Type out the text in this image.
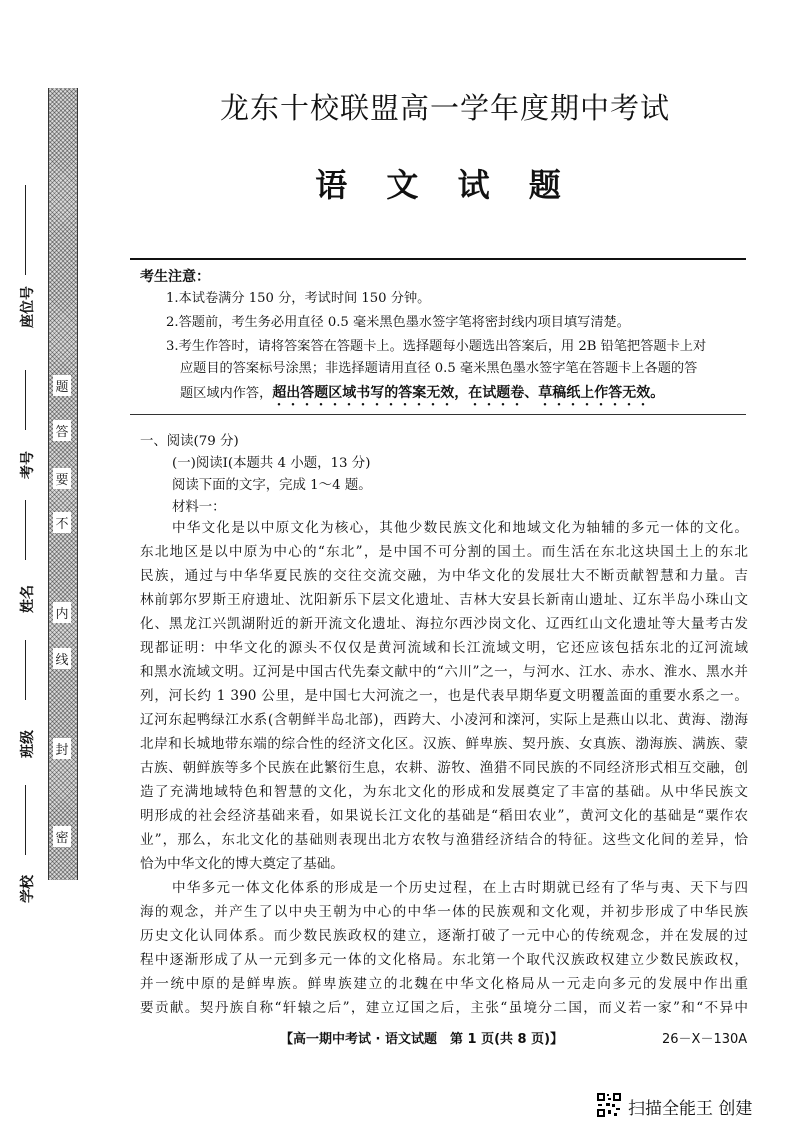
题
答
要
不
内
线
封
密
座位号
考号
姓名
班级
学校
龙东十校联盟高一学年度期中考试
语 文 试 题
考生注意：
1.本试卷满分 150 分，考试时间 150 分钟。
2.答题前，考生务必用直径 0.5 毫米黑色墨水签字笔将密封线内项目填写清楚。
3.考生作答时，请将答案答在答题卡上。选择题每小题选出答案后，用 2B 铅笔把答题卡上对
应题目的答案标号涂黑；非选择题请用直径 0.5 毫米黑色墨水签字笔在答题卡上各题的答
题区域内作答，超出答题区域书写的答案无效，在试题卷、草稿纸上作答无效。
一、阅读(79 分)
(一)阅读Ⅰ(本题共 4 小题，13 分)
阅读下面的文字，完成 1～4 题。
材料一：
中华文化是以中原文化为核心，其他少数民族文化和地域文化为轴辅的多元一体的文化。
东北地区是以中原为中心的“东北”，是中国不可分割的国土。而生活在东北这块国土上的东北
民族，通过与中华华夏民族的交往交流交融，为中华文化的发展壮大不断贡献智慧和力量。吉
林前郭尔罗斯王府遗址、沈阳新乐下层文化遗址、吉林大安县长新南山遗址、辽东半岛小珠山文
化、黑龙江兴凯湖附近的新开流文化遗址、海拉尔西沙岗文化、辽西红山文化遗址等大量考古发
现都证明：中华文化的源头不仅仅是黄河流域和长江流域文明，它还应该包括东北的辽河流域
和黑水流域文明。辽河是中国古代先秦文献中的“六川”之一，与河水、江水、赤水、淮水、黑水并
列，河长约 1 390 公里，是中国七大河流之一，也是代表早期华夏文明覆盖面的重要水系之一。
辽河东起鸭绿江水系(含朝鲜半岛北部)，西跨大、小凌河和滦河，实际上是燕山以北、黄海、渤海
北岸和长城地带东端的综合性的经济文化区。汉族、鲜卑族、契丹族、女真族、渤海族、满族、蒙
古族、朝鲜族等多个民族在此繁衍生息，农耕、游牧、渔猎不同民族的不同经济形式相互交融，创
造了充满地域特色和智慧的文化，为东北文化的形成和发展奠定了丰富的基础。从中华民族文
明形成的社会经济基础来看，如果说长江文化的基础是“稻田农业”，黄河文化的基础是“粟作农
业”，那么，东北文化的基础则表现出北方农牧与渔猎经济结合的特征。这些文化间的差异，恰
恰为中华文化的博大奠定了基础。
中华多元一体文化体系的形成是一个历史过程，在上古时期就已经有了华与夷、天下与四
海的观念，并产生了以中央王朝为中心的中华一体的民族观和文化观，并初步形成了中华民族
历史文化认同体系。而少数民族政权的建立，逐渐打破了一元中心的传统观念，并在发展的过
程中逐渐形成了从一元到多元一体的文化格局。东北第一个取代汉族政权建立少数民族政权，
并一统中原的是鲜卑族。鲜卑族建立的北魏在中华文化格局从一元走向多元的发展中作出重
要贡献。契丹族自称“轩辕之后”，建立辽国之后，主张“虽境分二国，而义若一家”和“不异中
【高一期中考试 · 语文试题　第 1 页(共 8 页)】	26－X－130A
扫描全能王 创建
